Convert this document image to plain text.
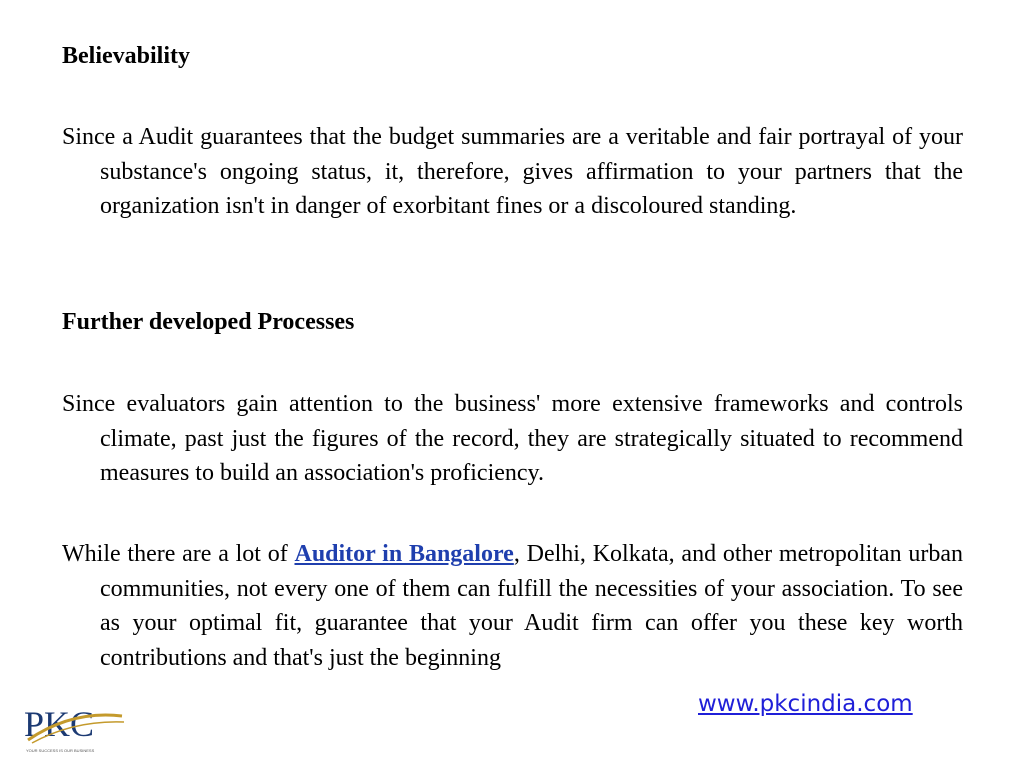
Believability
Since a Audit guarantees that the budget summaries are a veritable and fair portrayal of your substance's ongoing status, it, therefore, gives affirmation to your partners that the organization isn't in danger of exorbitant fines or a discoloured standing.
Further developed Processes
Since evaluators gain attention to the business' more extensive frameworks and controls climate, past just the figures of the record, they are strategically situated to recommend measures to build an association's proficiency.
While there are a lot of Auditor in Bangalore, Delhi, Kolkata, and other metropolitan urban communities, not every one of them can fulfill the necessities of your association. To see as your optimal fit, guarantee that your Audit firm can offer you these key worth contributions and that's just the beginning
www.pkcindia.com
PKC
YOUR SUCCESS IS OUR BUSINESS
